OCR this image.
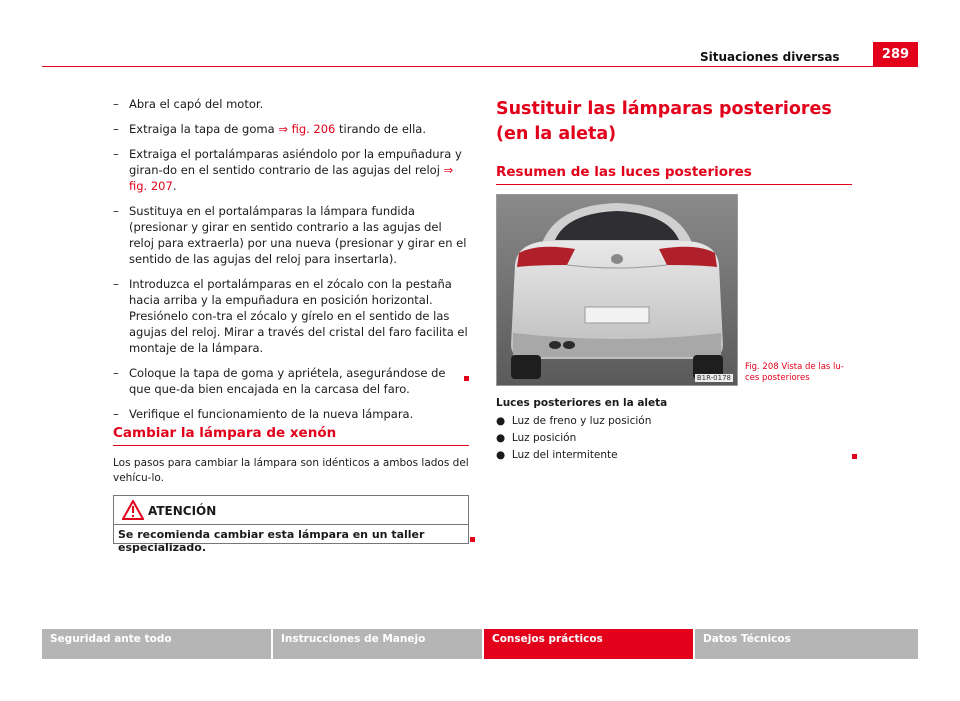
Situaciones diversas	289
– Abra el capó del motor.
– Extraiga la tapa de goma ⇒ fig. 206 tirando de ella.
– Extraiga el portalámparas asiéndolo por la empuñadura y giran-do en el sentido contrario de las agujas del reloj ⇒ fig. 207.
– Sustituya en el portalámparas la lámpara fundida (presionar y girar en sentido contrario a las agujas del reloj para extraerla) por una nueva (presionar y girar en el sentido de las agujas del reloj para insertarla).
– Introduzca el portalámparas en el zócalo con la pestaña hacia arriba y la empuñadura en posición horizontal. Presiónelo con-tra el zócalo y gírelo en el sentido de las agujas del reloj. Mirar a través del cristal del faro facilita el montaje de la lámpara.
– Coloque la tapa de goma y apriétela, asegurándose de que que-da bien encajada en la carcasa del faro.
– Verifique el funcionamiento de la nueva lámpara.
Cambiar la lámpara de xenón

Los pasos para cambiar la lámpara son idénticos a ambos lados del vehícu-lo.

ATENCIÓN
Se recomienda cambiar esta lámpara en un taller especializado.
Sustituir las lámparas posteriores (en la aleta)
Resumen de las luces posteriores
B1R-0178
Fig. 208 Vista de las lu-ces posteriores
Luces posteriores en la aleta
●  Luz de freno y luz posición
●  Luz posición
●  Luz del intermitente
Seguridad ante todo	Instrucciones de Manejo	Consejos prácticos	Datos Técnicos
